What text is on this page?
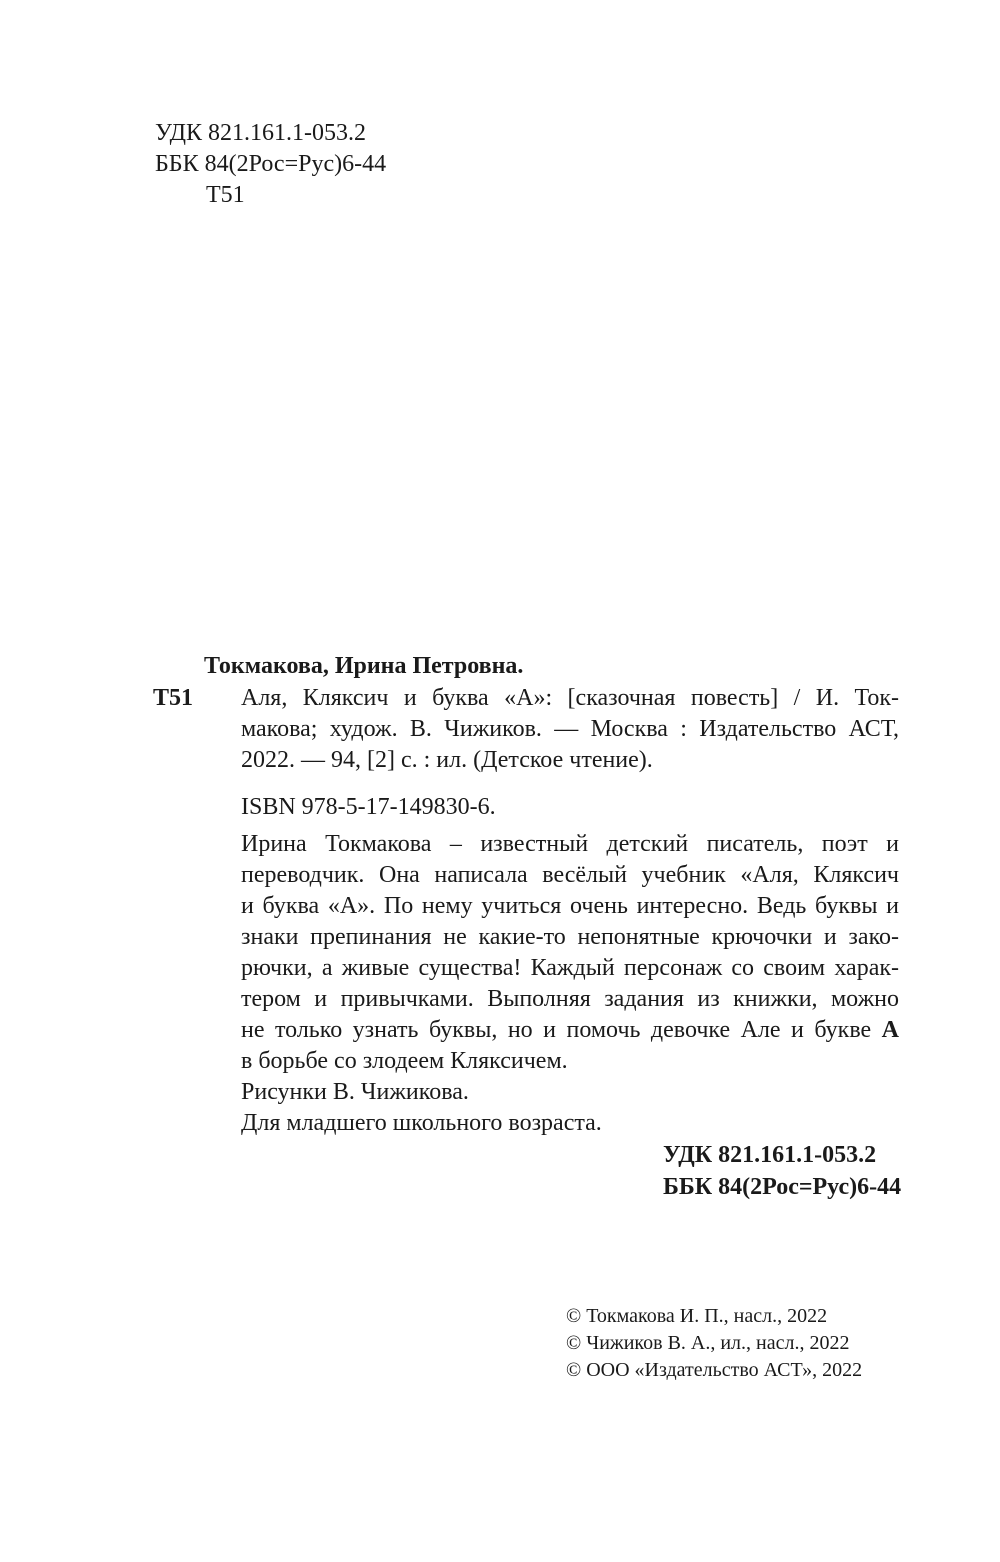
УДК 821.161.1-053.2
ББК 84(2Рос=Рус)6-44
Т51
Токмакова, Ирина Петровна.
Т51 Аля, Кляксич и буква «А»: [сказочная повесть] / И. Ток-
макова; худож. В. Чижиков. — Москва : Издательство АСТ,
2022. — 94, [2] с. : ил. (Детское чтение).
ISBN 978-5-17-149830-6.
Ирина Токмакова – известный детский писатель, поэт и
переводчик. Она написала весёлый учебник «Аля, Кляксич
и буква «А». По нему учиться очень интересно. Ведь буквы и
знаки препинания не какие-то непонятные крючочки и зако-
рючки, а живые существа! Каждый персонаж со своим харак-
тером и привычками. Выполняя задания из книжки, можно
не только узнать буквы, но и помочь девочке Але и букве А
в борьбе со злодеем Кляксичем.
Рисунки В. Чижикова.
Для младшего школьного возраста.
УДК 821.161.1-053.2
ББК 84(2Рос=Рус)6-44
© Токмакова И. П., насл., 2022
© Чижиков В. А., ил., насл., 2022
© ООО «Издательство АСТ», 2022
